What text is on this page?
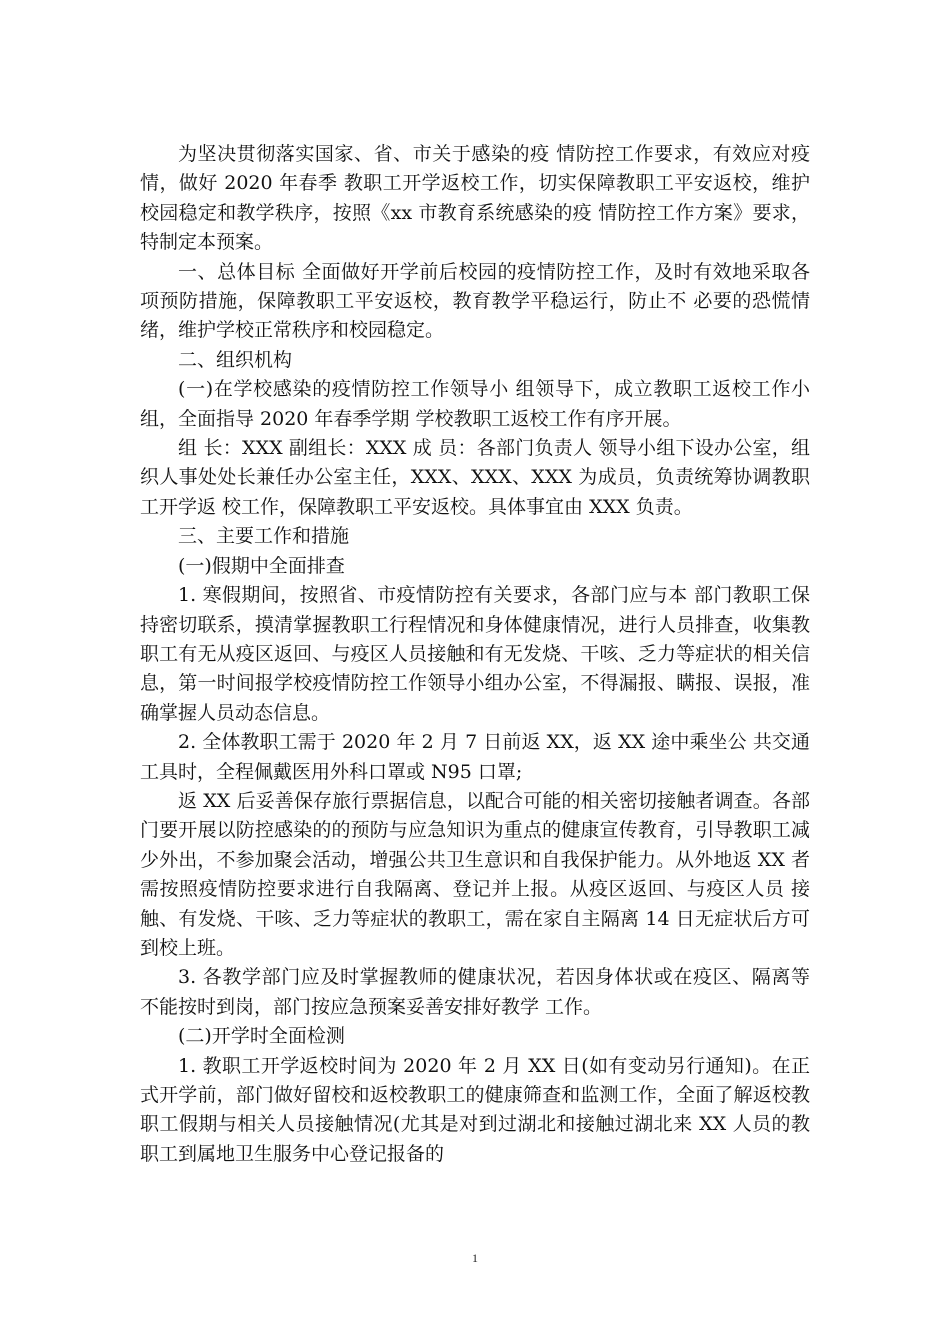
为坚决贯彻落实国家、省、市关于感染的疫 情防控工作要求，有效应对疫情，做好 2020 年春季 教职工开学返校工作，切实保障教职工平安返校，维护校园稳定和教学秩序，按照《xx 市教育系统感染的疫 情防控工作方案》要求，特制定本预案。

一、总体目标 全面做好开学前后校园的疫情防控工作，及时有效地采取各 项预防措施，保障教职工平安返校，教育教学平稳运行，防止不 必要的恐慌情绪，维护学校正常秩序和校园稳定。

二、组织机构

(一)在学校感染的疫情防控工作领导小 组领导下，成立教职工返校工作小组，全面指导 2020 年春季学期 学校教职工返校工作有序开展。

组 长：XXX 副组长：XXX 成 员：各部门负责人 领导小组下设办公室，组织人事处处长兼任办公室主任，XXX、XXX、XXX 为成员，负责统筹协调教职工开学返 校工作，保障教职工平安返校。具体事宜由 XXX 负责。

三、主要工作和措施

(一)假期中全面排查

1. 寒假期间，按照省、市疫情防控有关要求，各部门应与本 部门教职工保持密切联系，摸清掌握教职工行程情况和身体健康情况，进行人员排查，收集教职工有无从疫区返回、与疫区人员接触和有无发烧、干咳、乏力等症状的相关信息，第一时间报学校疫情防控工作领导小组办公室，不得漏报、瞒报、误报，准确掌握人员动态信息。

2. 全体教职工需于 2020 年 2 月 7 日前返 XX，返 XX 途中乘坐公 共交通工具时，全程佩戴医用外科口罩或 N95 口罩;

返 XX 后妥善保存旅行票据信息，以配合可能的相关密切接触者调查。各部门要开展以防控感染的的预防与应急知识为重点的健康宣传教育，引导教职工减少外出，不参加聚会活动，增强公共卫生意识和自我保护能力。从外地返 XX 者需按照疫情防控要求进行自我隔离、登记并上报。从疫区返回、与疫区人员 接触、有发烧、干咳、乏力等症状的教职工，需在家自主隔离 14 日无症状后方可到校上班。

3. 各教学部门应及时掌握教师的健康状况，若因身体状或在疫区、隔离等不能按时到岗，部门按应急预案妥善安排好教学 工作。

(二)开学时全面检测

1. 教职工开学返校时间为 2020 年 2 月 XX 日(如有变动另行通知)。在正式开学前，部门做好留校和返校教职工的健康筛查和监测工作，全面了解返校教职工假期与相关人员接触情况(尤其是对到过湖北和接触过湖北来 XX 人员的教职工到属地卫生服务中心登记报备的

1
